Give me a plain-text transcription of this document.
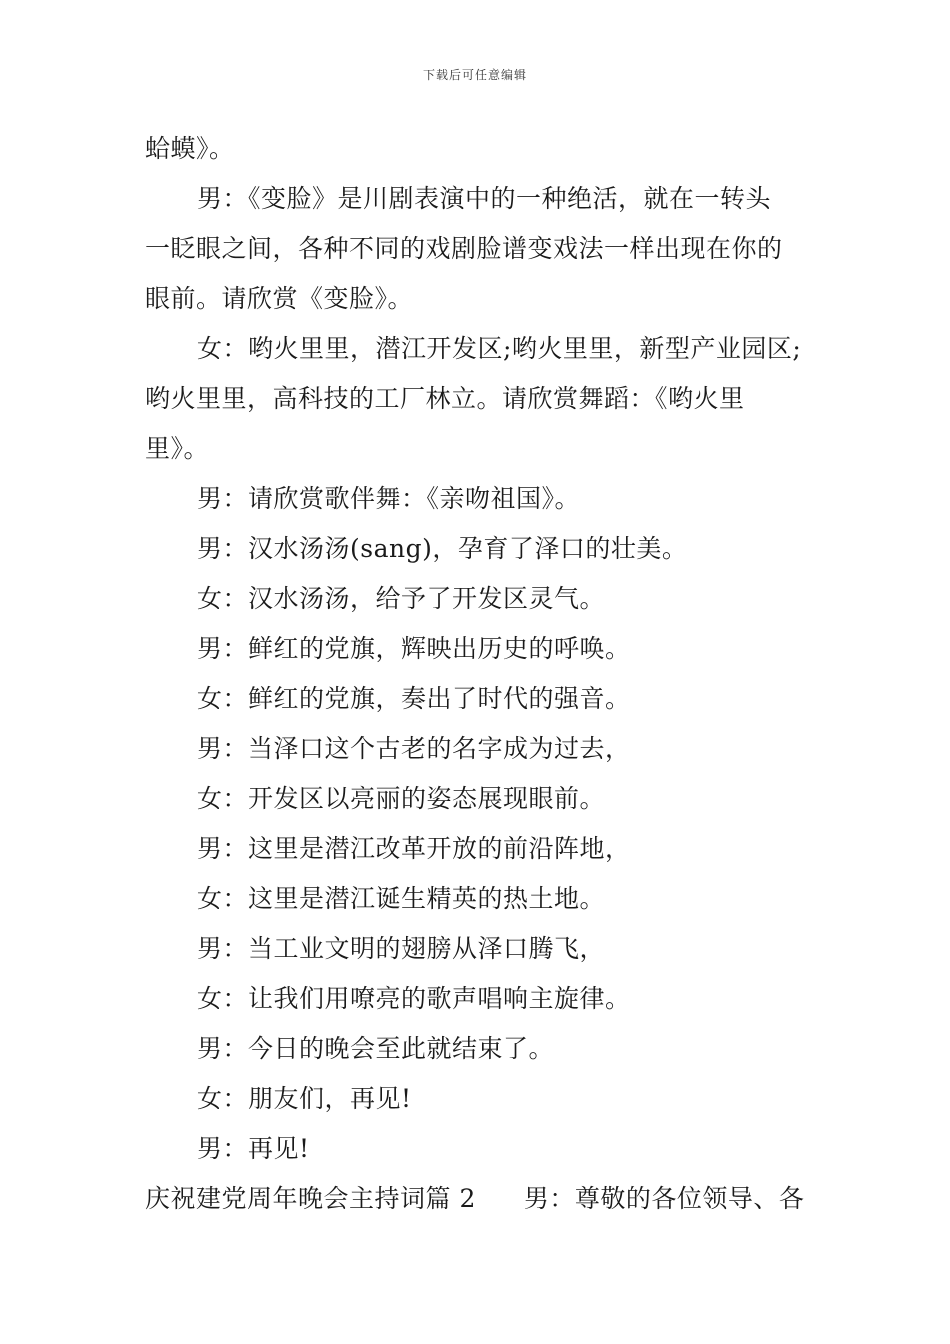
下载后可任意编辑
蛤蟆》。
男：《变脸》是川剧表演中的一种绝活，就在一转头
一眨眼之间，各种不同的戏剧脸谱变戏法一样出现在你的
眼前。请欣赏《变脸》。
女：哟火里里，潜江开发区;哟火里里，新型产业园区;
哟火里里，高科技的工厂林立。请欣赏舞蹈：《哟火里
里》。
男：请欣赏歌伴舞：《亲吻祖国》。
男：汉水汤汤(sang)，孕育了泽口的壮美。
女：汉水汤汤，给予了开发区灵气。
男：鲜红的党旗，辉映出历史的呼唤。
女：鲜红的党旗，奏出了时代的强音。
男：当泽口这个古老的名字成为过去，
女：开发区以亮丽的姿态展现眼前。
男：这里是潜江改革开放的前沿阵地，
女：这里是潜江诞生精英的热土地。
男：当工业文明的翅膀从泽口腾飞，
女：让我们用嘹亮的歌声唱响主旋律。
男：今日的晚会至此就结束了。
女：朋友们，再见!
男：再见!
庆祝建党周年晚会主持词篇 2 男：尊敬的各位领导、各
